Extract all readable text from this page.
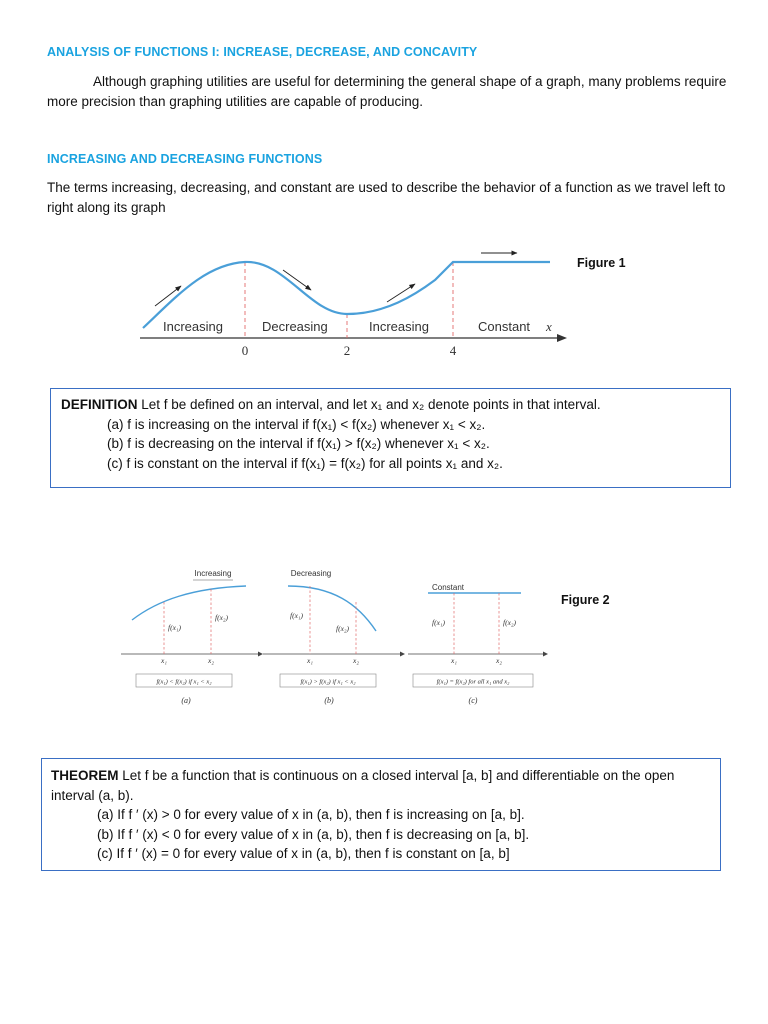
ANALYSIS OF FUNCTIONS I: INCREASE, DECREASE, AND CONCAVITY

Although graphing utilities are useful for determining the general shape of a graph, many problems require more precision than graphing utilities are capable of producing.

INCREASING AND DECREASING FUNCTIONS

The terms increasing, decreasing, and constant are used to describe the behavior of a function as we travel left to right along its graph

Increasing	Decreasing	Increasing	Constant x
0	2	4
Figure 1
DEFINITION Let f be defined on an interval, and let x₁ and x₂ denote points in that interval.
(a) f is increasing on the interval if f(x₁) < f(x₂) whenever x₁ < x₂.
(b) f is decreasing on the interval if f(x₁) > f(x₂) whenever x₁ < x₂.
(c) f is constant on the interval if f(x₁) = f(x₂) for all points x₁ and x₂.
Increasing
f(x₁)
f(x₂)
x₁	x₂
f(x₁) < f(x₂) if x₁ < x₂
(a)
Decreasing
f(x₁)
f(x₂)
x₁	x₂
f(x₁) > f(x₂) if x₁ < x₂
(b)
Constant
f(x₁)	f(x₂)
x₁	x₂
f(x₁) = f(x₂) for all x₁ and x₂
(c)
Figure 2
THEOREM Let f be a function that is continuous on a closed interval [a, b] and differentiable on the open interval (a, b).
(a) If f ′ (x) > 0 for every value of x in (a, b), then f is increasing on [a, b].
(b) If f ′ (x) < 0 for every value of x in (a, b), then f is decreasing on [a, b].
(c) If f ′ (x) = 0 for every value of x in (a, b), then f is constant on [a, b]
